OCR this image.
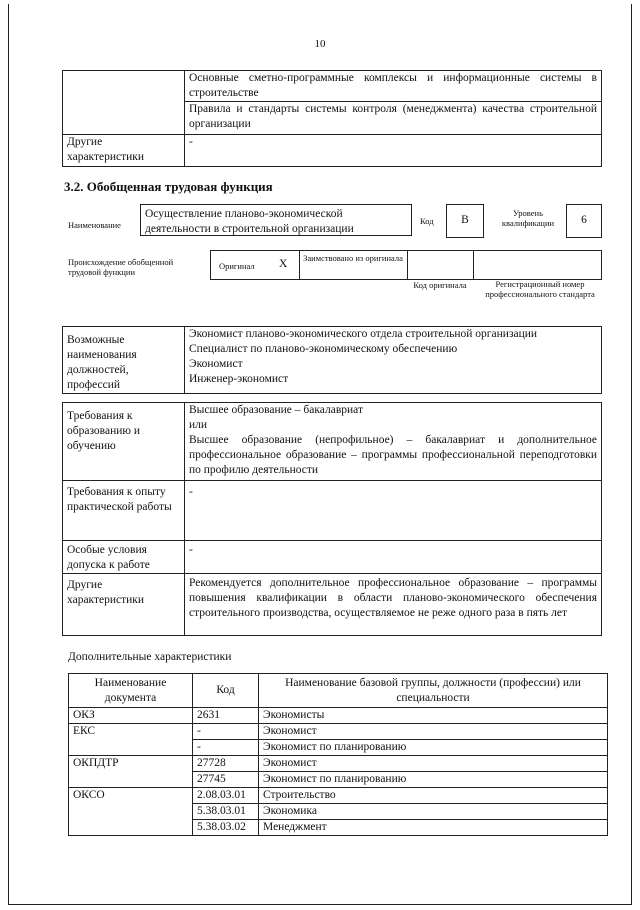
10
	Основные сметно-программные комплексы и информационные системы в строительстве
	Правила и стандарты системы контроля (менеджмента) качества строительной организации
Другие характеристики	-
3.2. Обобщенная трудовая функция
Наименование
Осуществление планово-экономической деятельности в строительной организации
Код	B
Уровень квалификации	6
Происхождение обобщенной трудовой функции
Оригинал X Заимствовано из оригинала
Код оригинала	Регистрационный номер профессионального стандарта
Возможные наименования должностей, профессий	
Экономист планово-экономического отдела строительной организации
Специалист по планово-экономическому обеспечению
Экономист
Инженер-экономист
Требования к образованию и обучению	Высшее образование – бакалавриат
или
Высшее образование (непрофильное) – бакалавриат и дополнительное профессиональное образование – программы профессиональной переподготовки по профилю деятельности

Требования к опыту практической работы	-
Особые условия допуска к работе	-
Другие характеристики	Рекомендуется дополнительное профессиональное образование – программы повышения квалификации в области планово-экономического обеспечения строительного производства, осуществляемое не реже одного раза в пять лет
Дополнительные характеристики
Наименование документа	Код	Наименование базовой группы, должности (профессии) или специальности
ОКЗ	2631	Экономисты
ЕКС	-	Экономист
	-	Экономист по планированию
ОКПДТР	27728	Экономист
	27745	Экономист по планированию
ОКСО	2.08.03.01	Строительство
	5.38.03.01	Экономика
	5.38.03.02	Менеджмент
